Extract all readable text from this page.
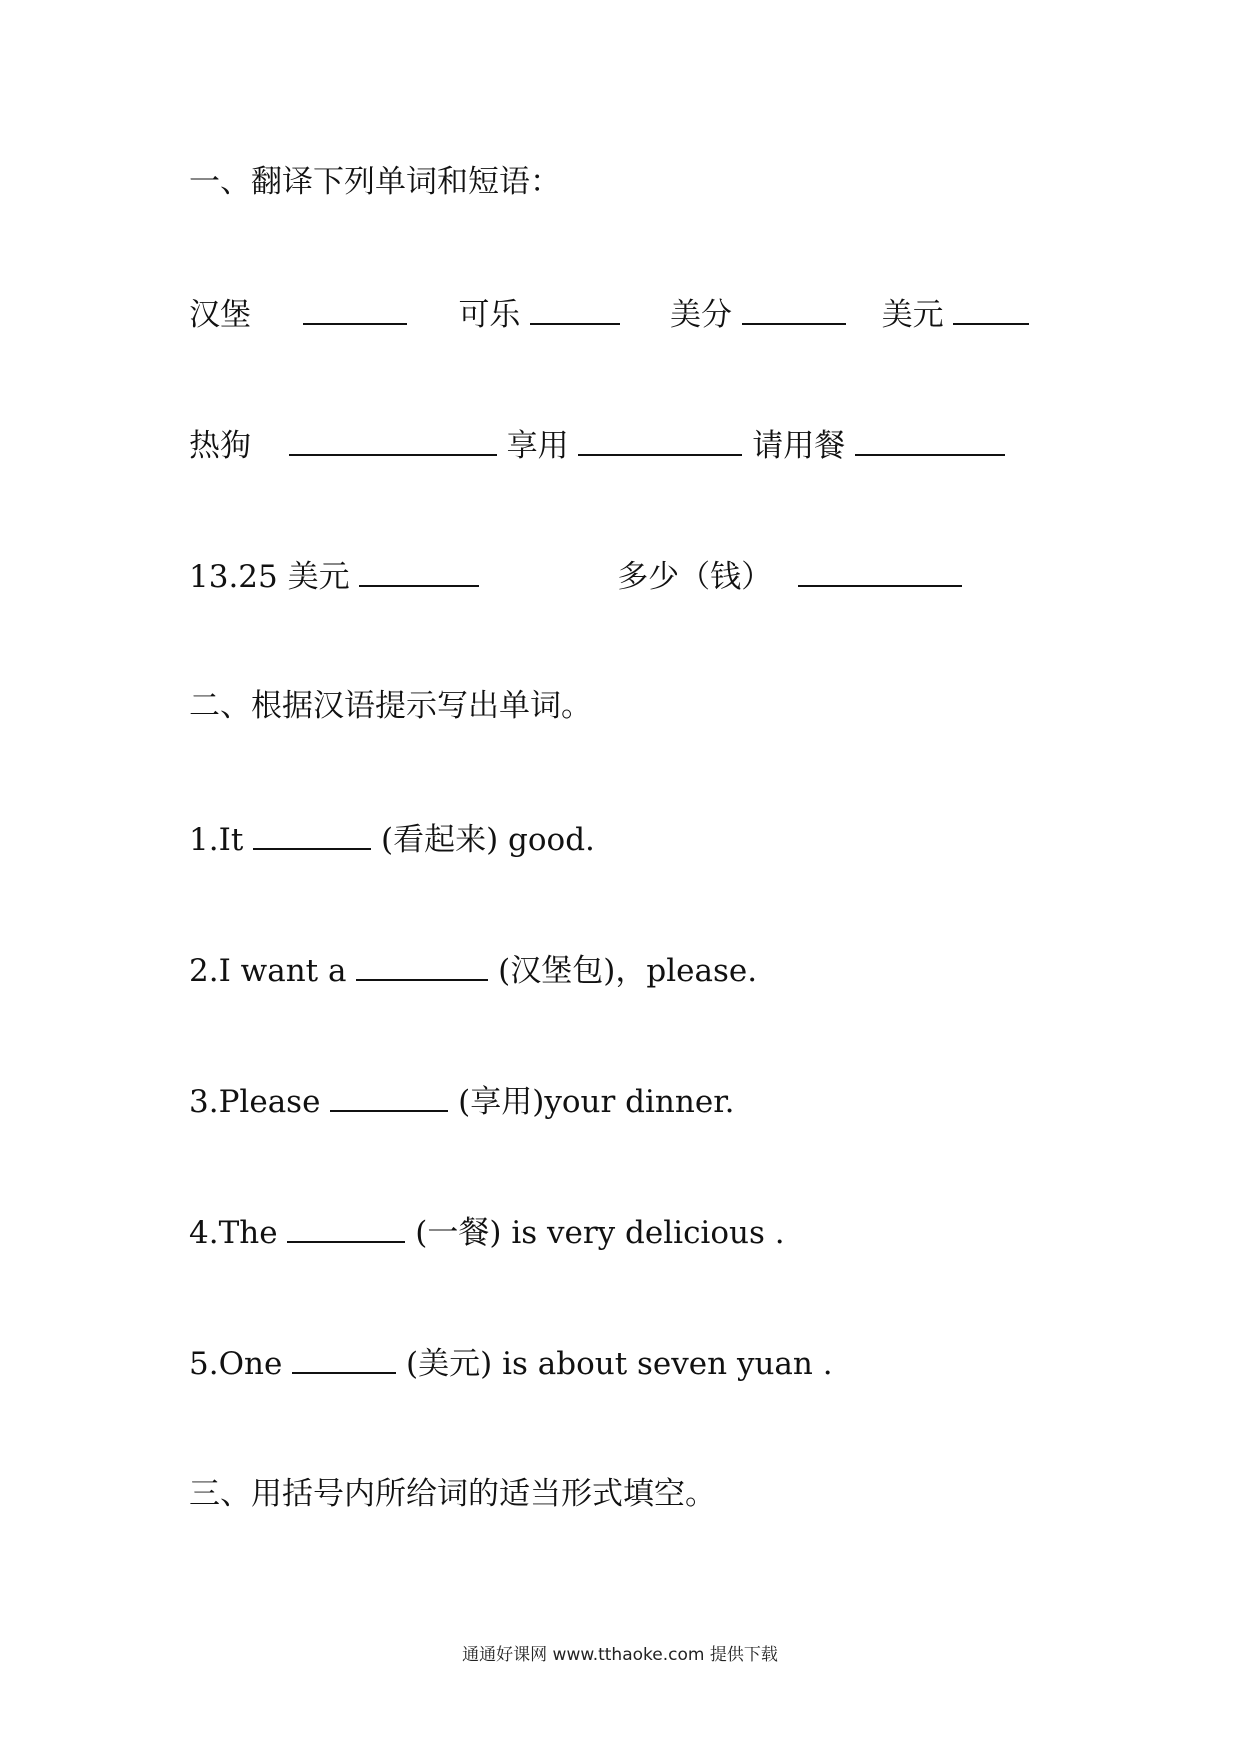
一、翻译下列单词和短语：
汉堡	可乐	美分	美元
热狗	享用	请用餐
13.25 美元	多少（钱）
二、根据汉语提示写出单词。
1.It	(看起来) good.
2.I want a	(汉堡包)，please.
3.Please	(享用)your dinner.
4.The	(一餐) is very delicious .
5.One	(美元) is about seven yuan .
三、用括号内所给词的适当形式填空。
通通好课网 www.tthaoke.com 提供下载
